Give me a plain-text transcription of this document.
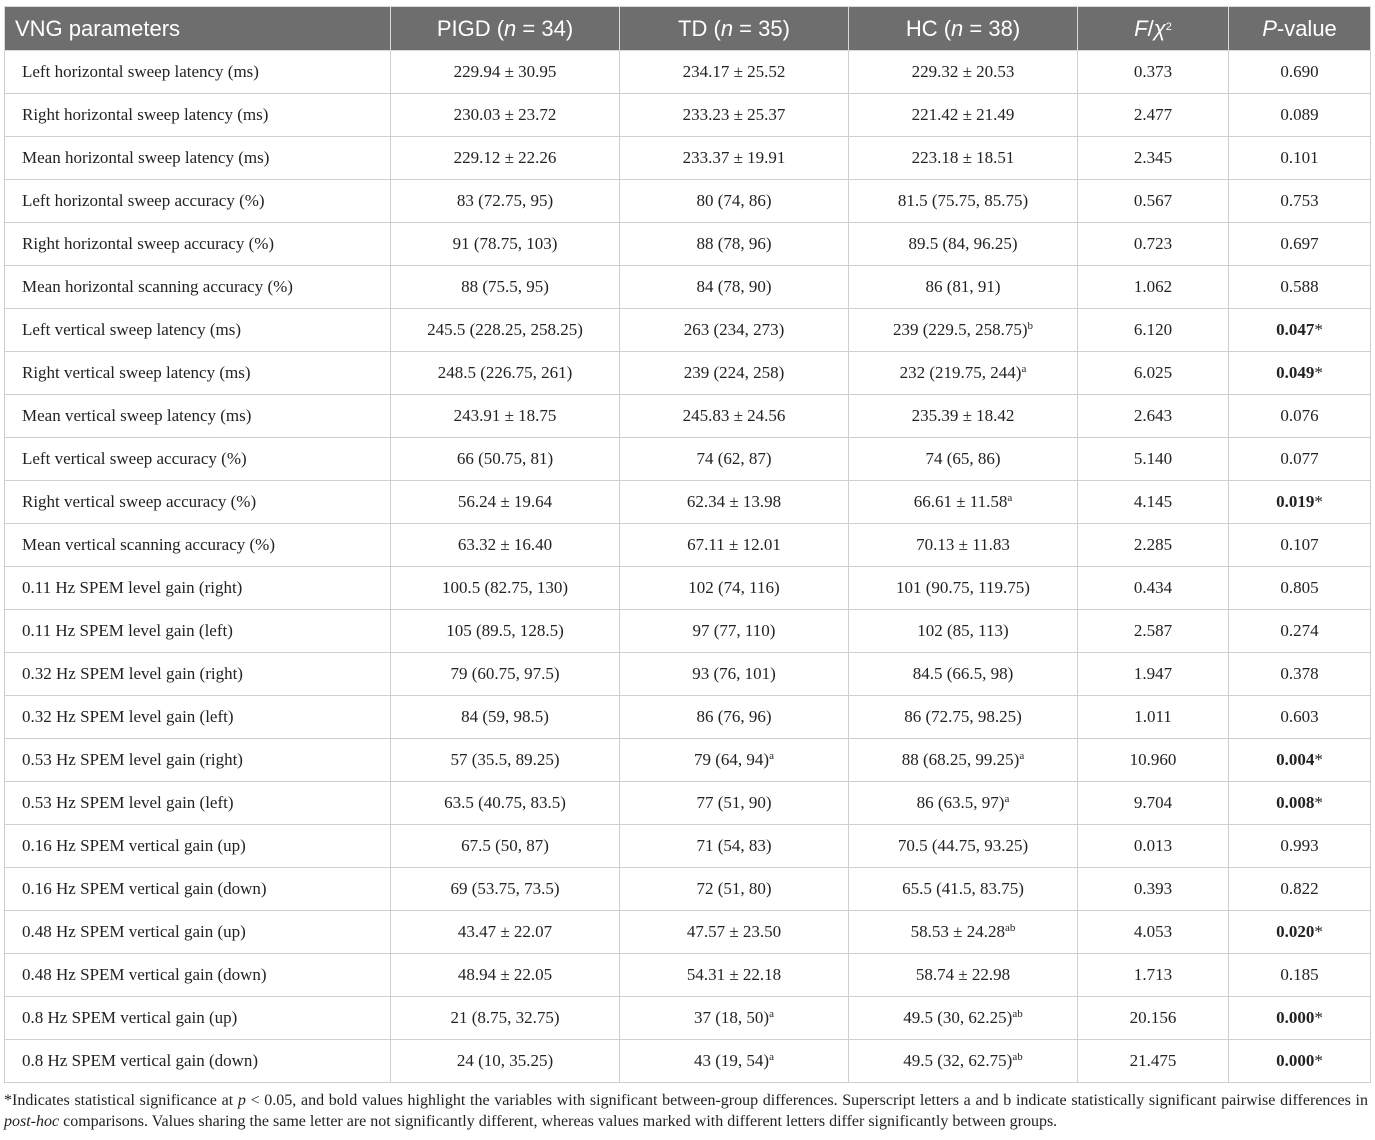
VNG parameters	PIGD (n = 34)	TD (n = 35)	HC (n = 38)	$F/\chi^2$	P-value
Left horizontal sweep latency (ms)	229.94 ± 30.95	234.17 ± 25.52	229.32 ± 20.53	0.373	0.690
Right horizontal sweep latency (ms)	230.03 ± 23.72	233.23 ± 25.37	221.42 ± 21.49	2.477	0.089
Mean horizontal sweep latency (ms)	229.12 ± 22.26	233.37 ± 19.91	223.18 ± 18.51	2.345	0.101
Left horizontal sweep accuracy (%)	83 (72.75, 95)	80 (74, 86)	81.5 (75.75, 85.75)	0.567	0.753
Right horizontal sweep accuracy (%)	91 (78.75, 103)	88 (78, 96)	89.5 (84, 96.25)	0.723	0.697
Mean horizontal scanning accuracy (%)	88 (75.5, 95)	84 (78, 90)	86 (81, 91)	1.062	0.588
Left vertical sweep latency (ms)	245.5 (228.25, 258.25)	263 (234, 273)	239 (229.5, 258.75)$^b$	6.120	0.047*
Right vertical sweep latency (ms)	248.5 (226.75, 261)	239 (224, 258)	232 (219.75, 244)$^a$	6.025	0.049*
Mean vertical sweep latency (ms)	243.91 ± 18.75	245.83 ± 24.56	235.39 ± 18.42	2.643	0.076
Left vertical sweep accuracy (%)	66 (50.75, 81)	74 (62, 87)	74 (65, 86)	5.140	0.077
Right vertical sweep accuracy (%)	56.24 ± 19.64	62.34 ± 13.98	66.61 ± 11.58$^a$	4.145	0.019*
Mean vertical scanning accuracy (%)	63.32 ± 16.40	67.11 ± 12.01	70.13 ± 11.83	2.285	0.107
0.11 Hz SPEM level gain (right)	100.5 (82.75, 130)	102 (74, 116)	101 (90.75, 119.75)	0.434	0.805
0.11 Hz SPEM level gain (left)	105 (89.5, 128.5)	97 (77, 110)	102 (85, 113)	2.587	0.274
0.32 Hz SPEM level gain (right)	79 (60.75, 97.5)	93 (76, 101)	84.5 (66.5, 98)	1.947	0.378
0.32 Hz SPEM level gain (left)	84 (59, 98.5)	86 (76, 96)	86 (72.75, 98.25)	1.011	0.603
0.53 Hz SPEM level gain (right)	57 (35.5, 89.25)	79 (64, 94)$^a$	88 (68.25, 99.25)$^a$	10.960	0.004*
0.53 Hz SPEM level gain (left)	63.5 (40.75, 83.5)	77 (51, 90)	86 (63.5, 97)$^a$	9.704	0.008*
0.16 Hz SPEM vertical gain (up)	67.5 (50, 87)	71 (54, 83)	70.5 (44.75, 93.25)	0.013	0.993
0.16 Hz SPEM vertical gain (down)	69 (53.75, 73.5)	72 (51, 80)	65.5 (41.5, 83.75)	0.393	0.822
0.48 Hz SPEM vertical gain (up)	43.47 ± 22.07	47.57 ± 23.50	58.53 ± 24.28$^{ab}$	4.053	0.020*
0.48 Hz SPEM vertical gain (down)	48.94 ± 22.05	54.31 ± 22.18	58.74 ± 22.98	1.713	0.185
0.8 Hz SPEM vertical gain (up)	21 (8.75, 32.75)	37 (18, 50)$^a$	49.5 (30, 62.25)$^{ab}$	20.156	0.000*
0.8 Hz SPEM vertical gain (down)	24 (10, 35.25)	43 (19, 54)$^a$	49.5 (32, 62.75)$^{ab}$	21.475	0.000*
*Indicates statistical significance at p < 0.05, and bold values highlight the variables with significant between-group differences. Superscript letters a and b indicate statistically significant pairwise differences in post-hoc comparisons. Values sharing the same letter are not significantly different, whereas values marked with different letters differ significantly between groups.
